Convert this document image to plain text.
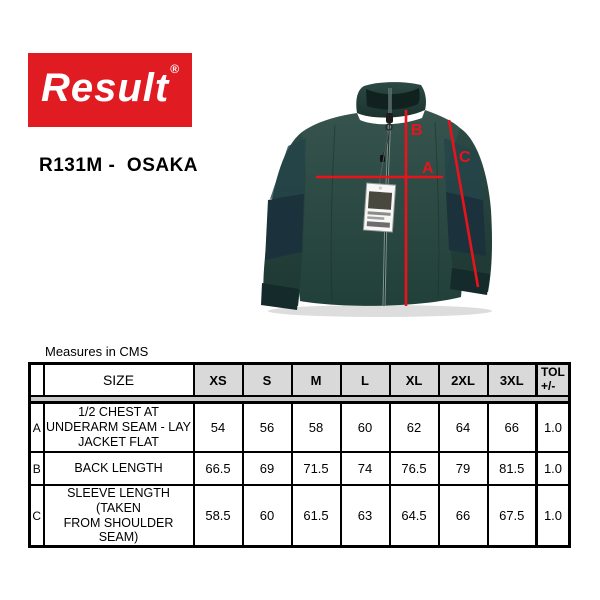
Result®
R131M -  OSAKA	A
B
C
Measures in CMS
	SIZE	XS	S	M	L	XL	2XL	3XL	TOL
+/-

A	1/2 CHEST AT
UNDERARM SEAM - LAY
JACKET FLAT	54	56	58	60	62	64	66	1.0
B	BACK LENGTH	66.5	69	71.5	74	76.5	79	81.5	1.0
C	SLEEVE LENGTH (TAKEN
FROM SHOULDER SEAM)	58.5	60	61.5	63	64.5	66	67.5	1.0
